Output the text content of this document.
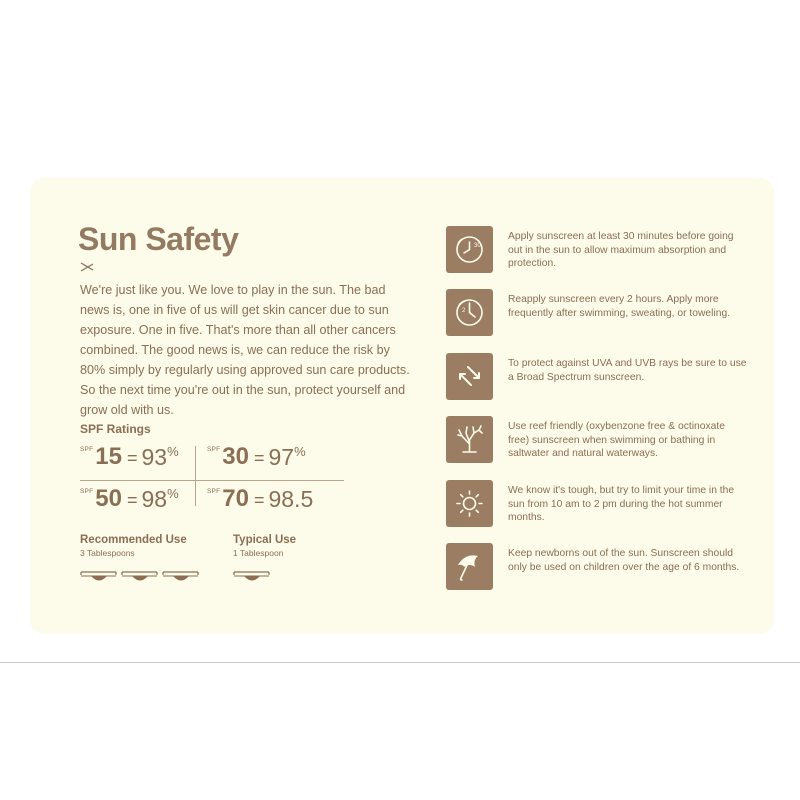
Sun Safety

We're just like you. We love to play in the sun. The bad news is, one in five of us will get skin cancer due to sun exposure. One in five. That's more than all other cancers combined. The good news is, we can reduce the risk by 80% simply by regularly using approved sun care products. So the next time you're out in the sun, protect yourself and grow old with us.

SPF Ratings
SPF 15 = 93 %	SPF 30 = 97 %
SPF 50 = 98 %	SPF 70 = 98.5

Recommended Use

3 Tablespoons

Typical Use

1 Tablespoon

30

Apply sunscreen at least 30 minutes before going out in the sun to allow maximum absorption and protection.

2

Reapply sunscreen every 2 hours. Apply more frequently after swimming, sweating, or toweling.

To protect against UVA and UVB rays be sure to use a Broad Spectrum sunscreen.

Use reef friendly (oxybenzone free & octinoxate free) sunscreen when swimming or bathing in saltwater and natural waterways.

We know it's tough, but try to limit your time in the sun from 10 am to 2 pm during the hot summer months.

Keep newborns out of the sun. Sunscreen should only be used on children over the age of 6 months.
